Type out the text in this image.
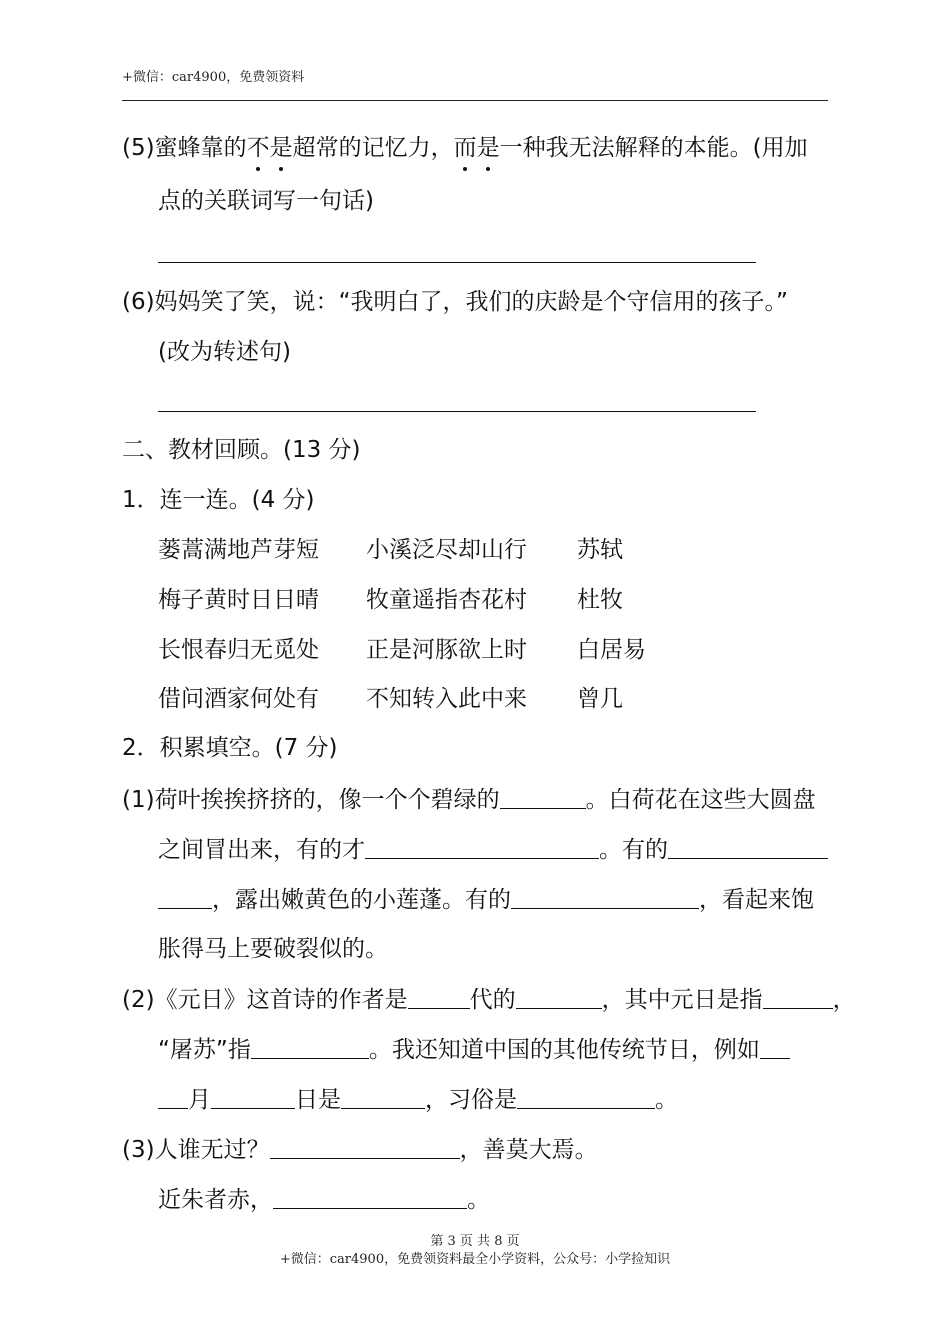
+微信：car4900，免费领资料
(5)蜜蜂靠的不是超常的记忆力，而是一种我无法解释的本能。(用加
点的关联词写一句话)
(6)妈妈笑了笑，说：“我明白了，我们的庆龄是个守信用的孩子。”
(改为转述句)
二、教材回顾。(13 分)
1．连一连。(4 分)
蒌蒿满地芦芽短 小溪泛尽却山行 苏轼
梅子黄时日日晴 牧童遥指杏花村 杜牧
长恨春归无觅处 正是河豚欲上时 白居易
借问酒家何处有 不知转入此中来 曾几
2．积累填空。(7 分)
(1)荷叶挨挨挤挤的，像一个个碧绿的	。白荷花在这些大圆盘
之间冒出来，有的才	。有的
，露出嫩黄色的小莲蓬。有的	，看起来饱
胀得马上要破裂似的。
(2)《元日》这首诗的作者是	代的	，其中元日是指	，
“屠苏”指	。我还知道中国的其他传统节日，例如
月	日是	，习俗是	。
(3)人谁无过？	，善莫大焉。
近朱者赤，	。
第 3 页 共 8 页
+微信：car4900，免费领资料最全小学资料，公众号：小学捡知识
